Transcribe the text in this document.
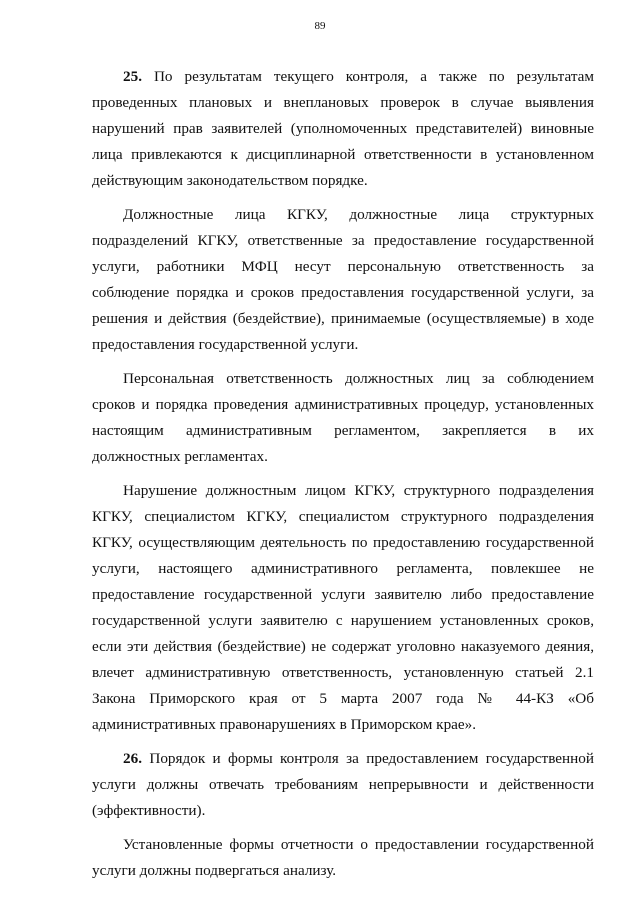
89

25. По результатам текущего контроля, а также по результатам проведенных плановых и внеплановых проверок в случае выявления нарушений прав заявителей (уполномоченных представителей) виновные лица привлекаются к дисциплинарной ответственности в установленном действующим законодательством порядке.

Должностные лица КГКУ, должностные лица структурных подразделений КГКУ, ответственные за предоставление государственной услуги, работники МФЦ несут персональную ответственность за соблюдение порядка и сроков предоставления государственной услуги, за решения и действия (бездействие), принимаемые (осуществляемые) в ходе предоставления государственной услуги.

Персональная ответственность должностных лиц за соблюдением сроков и порядка проведения административных процедур, установленных настоящим административным регламентом, закрепляется в их должностных регламентах.

Нарушение должностным лицом КГКУ, структурного подразделения КГКУ, специалистом КГКУ, специалистом структурного подразделения КГКУ, осуществляющим деятельность по предоставлению государственной услуги, настоящего административного регламента, повлекшее не предоставление государственной услуги заявителю либо предоставление государственной услуги заявителю с нарушением установленных сроков, если эти действия (бездействие) не содержат уголовно наказуемого деяния, влечет административную ответственность, установленную статьей 2.1 Закона Приморского края от 5 марта 2007 года № 44-КЗ «Об административных правонарушениях в Приморском крае».

26. Порядок и формы контроля за предоставлением государственной услуги должны отвечать требованиям непрерывности и действенности (эффективности).

Установленные формы отчетности о предоставлении государственной услуги должны подвергаться анализу.
